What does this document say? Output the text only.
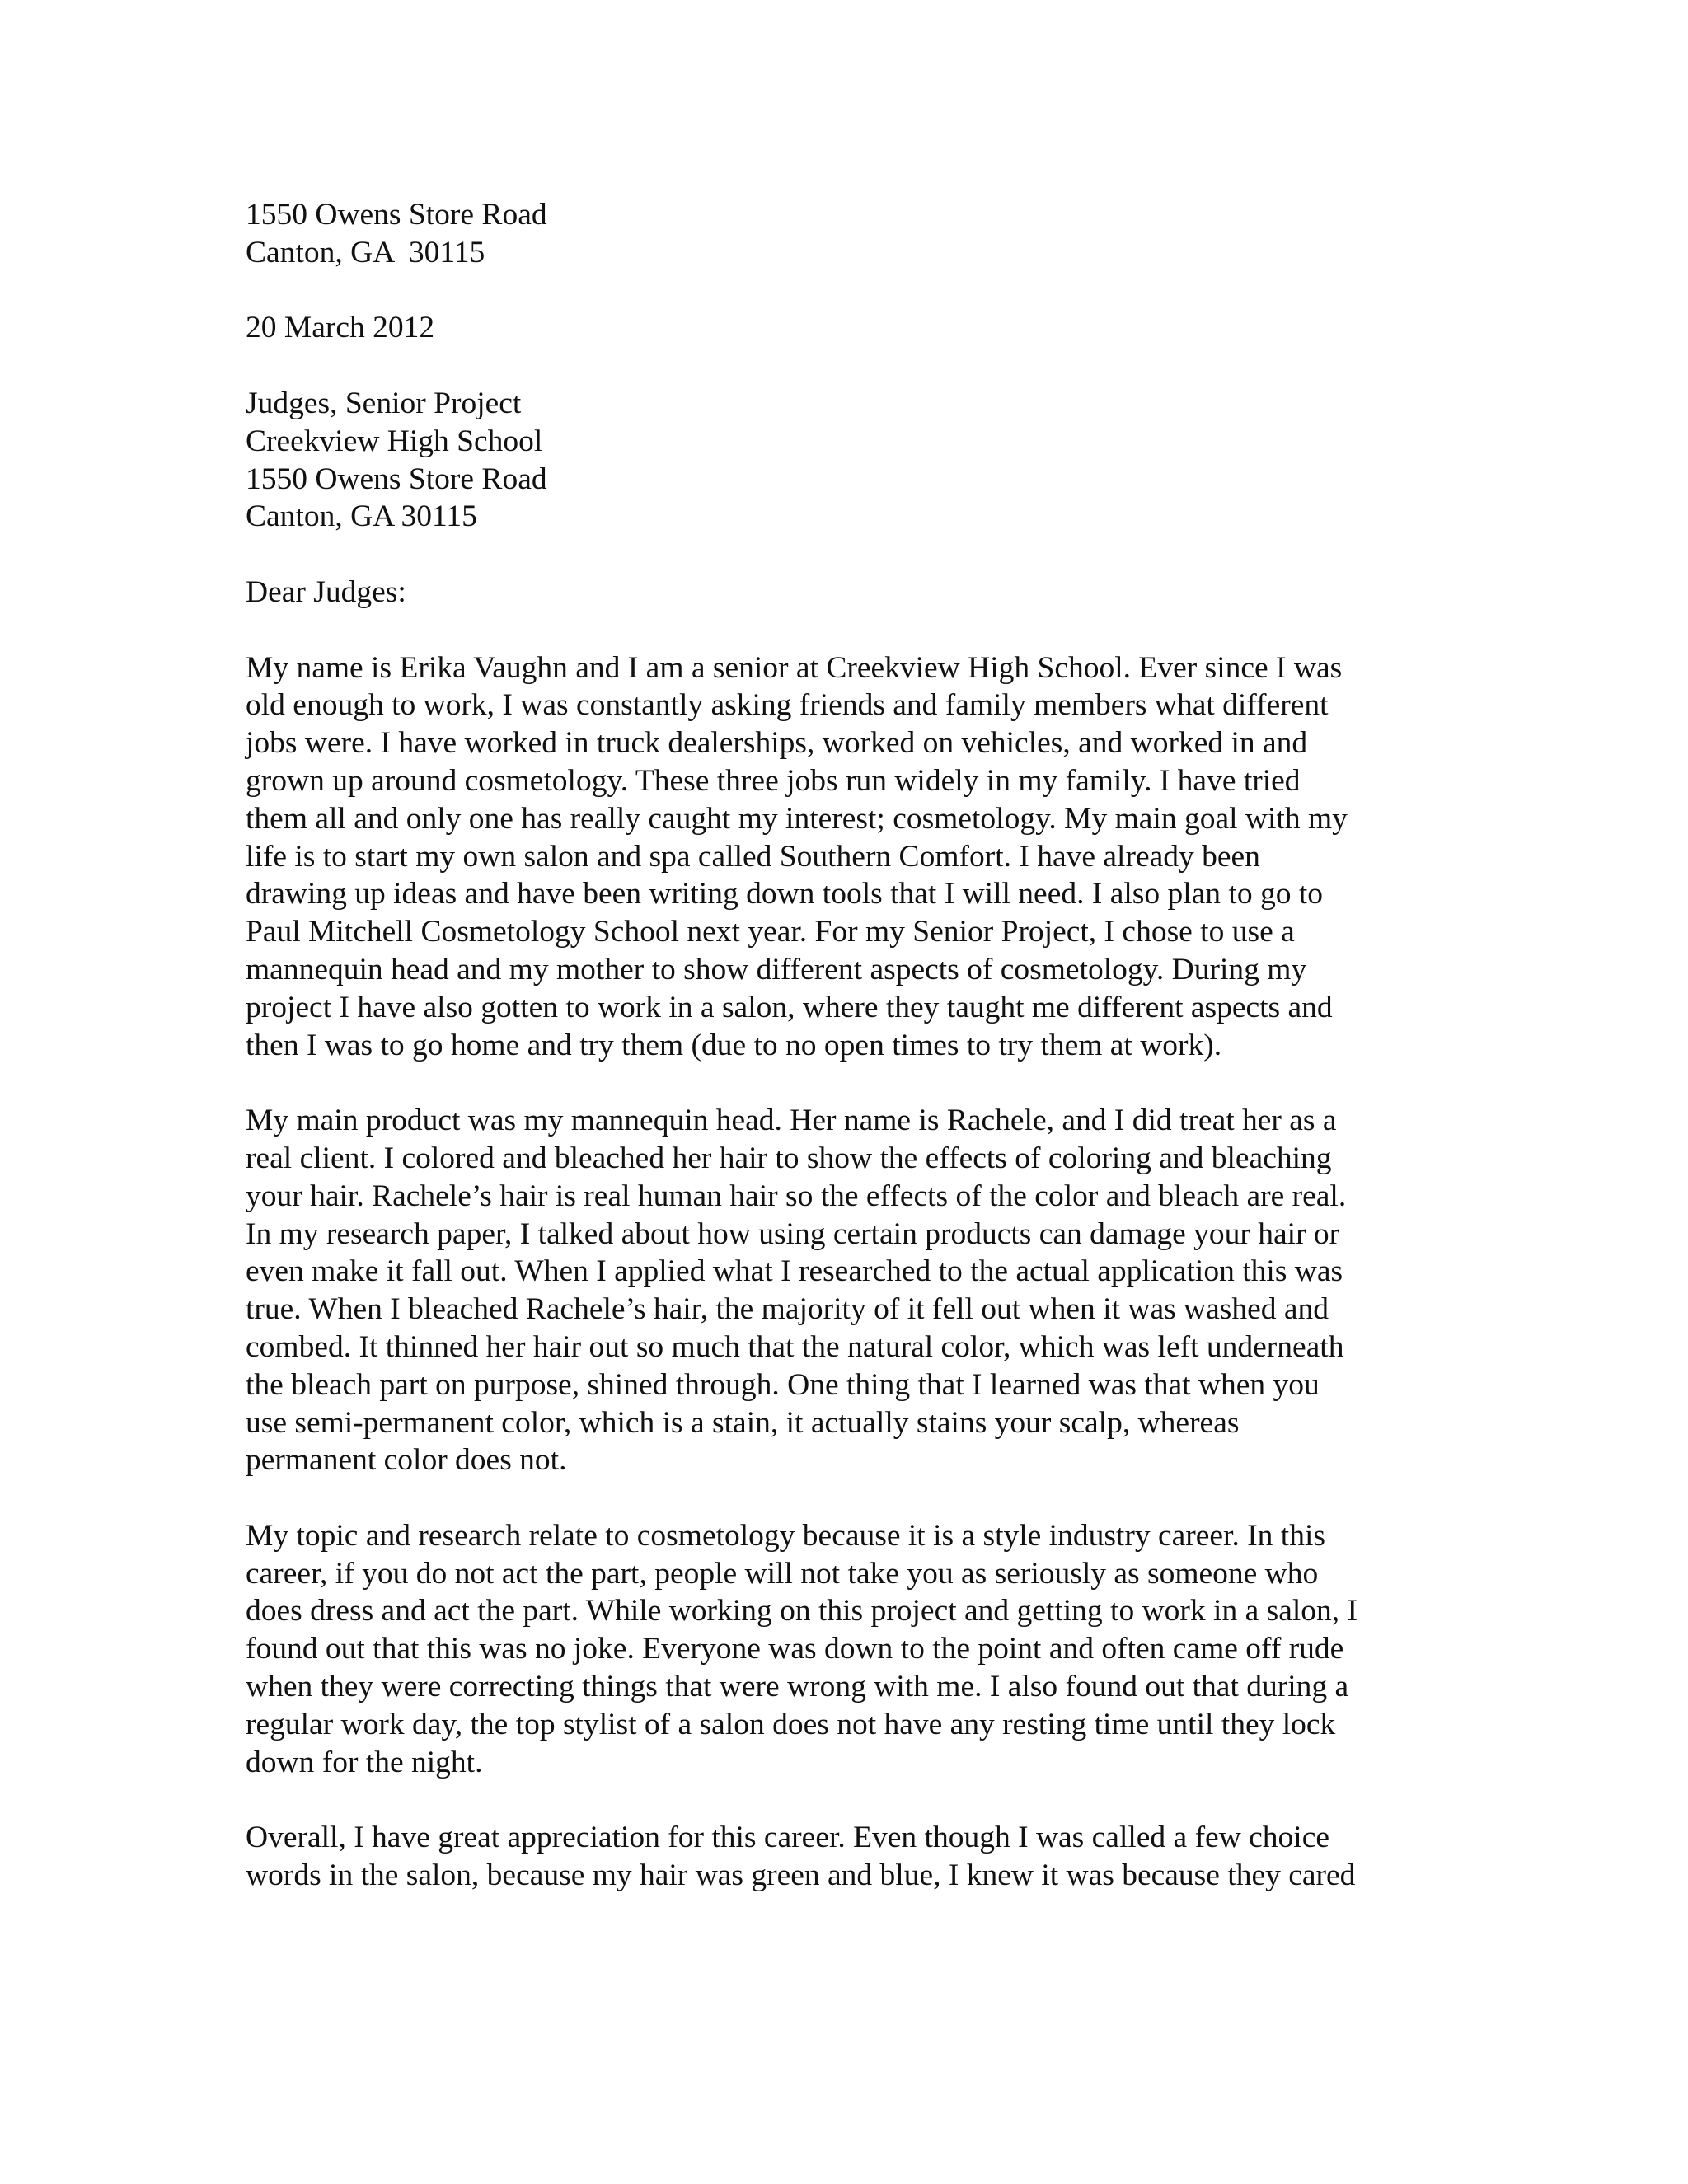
1550 Owens Store Road
Canton, GA  30115
20 March 2012
Judges, Senior Project
Creekview High School
1550 Owens Store Road
Canton, GA 30115
Dear Judges:
My name is Erika Vaughn and I am a senior at Creekview High School. Ever since I was
old enough to work, I was constantly asking friends and family members what different
jobs were. I have worked in truck dealerships, worked on vehicles, and worked in and
grown up around cosmetology. These three jobs run widely in my family. I have tried
them all and only one has really caught my interest; cosmetology. My main goal with my
life is to start my own salon and spa called Southern Comfort. I have already been
drawing up ideas and have been writing down tools that I will need. I also plan to go to
Paul Mitchell Cosmetology School next year. For my Senior Project, I chose to use a
mannequin head and my mother to show different aspects of cosmetology. During my
project I have also gotten to work in a salon, where they taught me different aspects and
then I was to go home and try them (due to no open times to try them at work).
My main product was my mannequin head. Her name is Rachele, and I did treat her as a
real client. I colored and bleached her hair to show the effects of coloring and bleaching
your hair. Rachele’s hair is real human hair so the effects of the color and bleach are real.
In my research paper, I talked about how using certain products can damage your hair or
even make it fall out. When I applied what I researched to the actual application this was
true. When I bleached Rachele’s hair, the majority of it fell out when it was washed and
combed. It thinned her hair out so much that the natural color, which was left underneath
the bleach part on purpose, shined through. One thing that I learned was that when you
use semi-permanent color, which is a stain, it actually stains your scalp, whereas
permanent color does not.
My topic and research relate to cosmetology because it is a style industry career. In this
career, if you do not act the part, people will not take you as seriously as someone who
does dress and act the part. While working on this project and getting to work in a salon, I
found out that this was no joke. Everyone was down to the point and often came off rude
when they were correcting things that were wrong with me. I also found out that during a
regular work day, the top stylist of a salon does not have any resting time until they lock
down for the night.
Overall, I have great appreciation for this career. Even though I was called a few choice
words in the salon, because my hair was green and blue, I knew it was because they cared
